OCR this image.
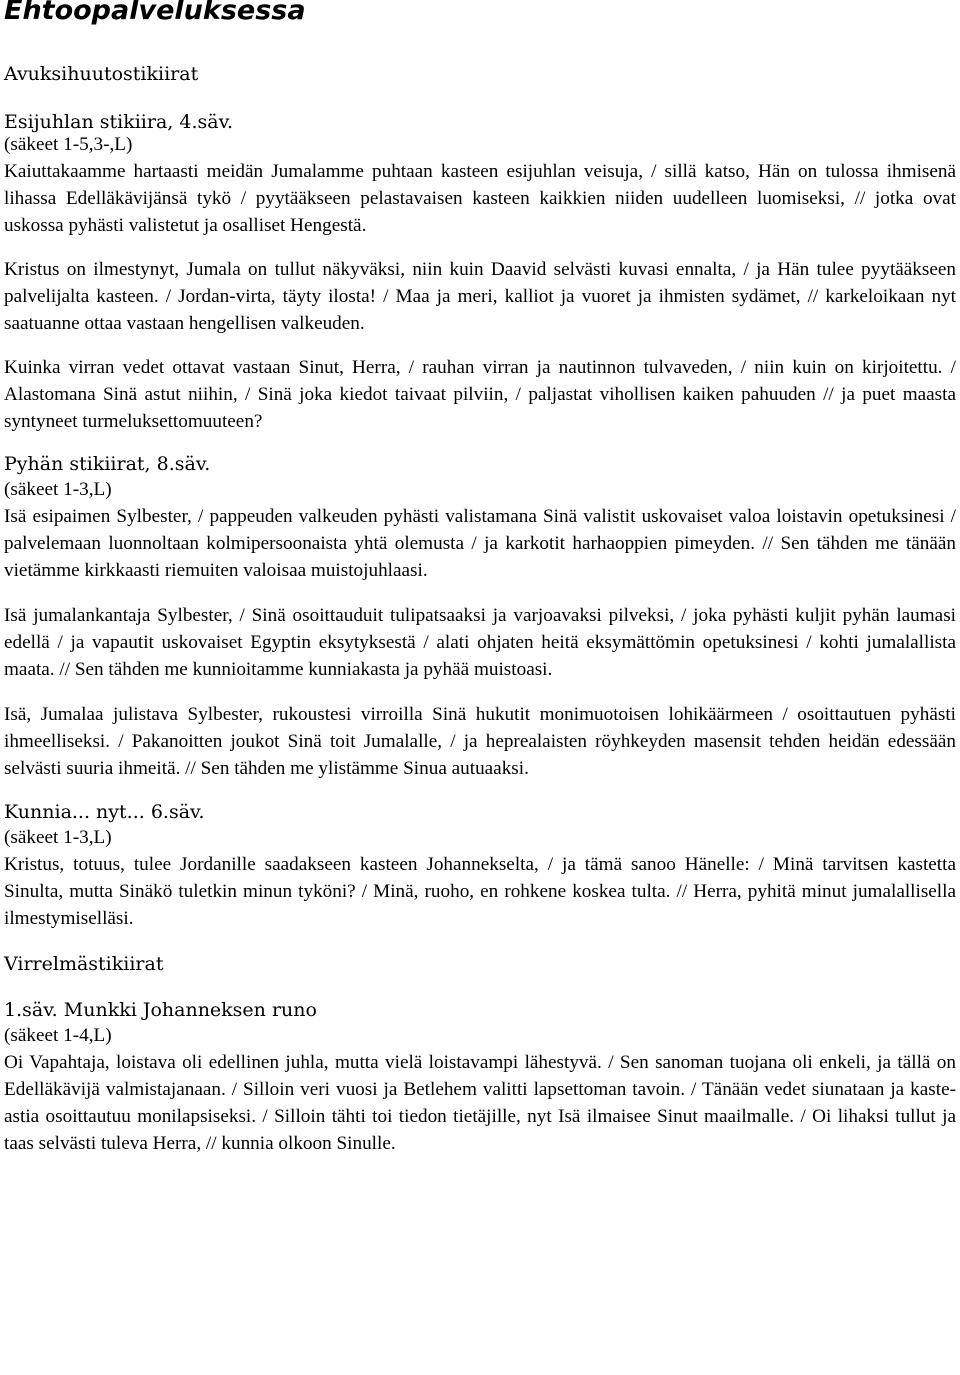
Ehtoopalveluksessa

Avuksihuutostikiirat

Esijuhlan stikiira, 4.säv.

(säkeet 1-5,3-,L)

Kaiuttakaamme hartaasti meidän Jumalamme puhtaan kasteen esijuhlan veisuja, / sillä katso, Hän on tulossa ihmisenä lihassa Edelläkävijänsä tykö / pyytääkseen pelastavaisen kasteen kaikkien niiden uudelleen luomiseksi, // jotka ovat uskossa pyhästi valistetut ja osalliset Hengestä.

Kristus on ilmestynyt, Jumala on tullut näkyväksi, niin kuin Daavid selvästi kuvasi ennalta, / ja Hän tulee pyytääkseen palvelijalta kasteen. / Jordan-virta, täyty ilosta! / Maa ja meri, kalliot ja vuoret ja ihmisten sydämet, // karkeloikaan nyt saatuanne ottaa vastaan hengellisen valkeuden.

Kuinka virran vedet ottavat vastaan Sinut, Herra, / rauhan virran ja nautinnon tulvaveden, / niin kuin on kirjoitettu. / Alastomana Sinä astut niihin, / Sinä joka kiedot taivaat pilviin, / paljastat vihollisen kaiken pahuuden // ja puet maasta syntyneet turmeluksettomuuteen?

Pyhän stikiirat, 8.säv.

(säkeet 1-3,L)

Isä esipaimen Sylbester, / pappeuden valkeuden pyhästi valistamana Sinä valistit uskovaiset valoa loistavin opetuksinesi / palvelemaan luonnoltaan kolmipersoonaista yhtä olemusta / ja karkotit harhaoppien pimeyden. // Sen tähden me tänään vietämme kirkkaasti riemuiten valoisaa muistojuhlaasi.

Isä jumalankantaja Sylbester, / Sinä osoittauduit tulipatsaaksi ja varjoavaksi pilveksi, / joka pyhästi kuljit pyhän laumasi edellä / ja vapautit uskovaiset Egyptin eksytyksestä / alati ohjaten heitä eksymättömin opetuksinesi / kohti jumalallista maata. // Sen tähden me kunnioitamme kunniakasta ja pyhää muistoasi.

Isä, Jumalaa julistava Sylbester, rukoustesi virroilla Sinä hukutit monimuotoisen lohikäärmeen / osoittautuen pyhästi ihmeelliseksi. / Pakanoitten joukot Sinä toit Jumalalle, / ja heprealaisten röyhkeyden masensit tehden heidän edessään selvästi suuria ihmeitä. // Sen tähden me ylistämme Sinua autuaaksi.

Kunnia... nyt... 6.säv.

(säkeet 1-3,L)

Kristus, totuus, tulee Jordanille saadakseen kasteen Johannekselta, / ja tämä sanoo Hänelle: / Minä tarvitsen kastetta Sinulta, mutta Sinäkö tuletkin minun tyköni? / Minä, ruoho, en rohkene koskea tulta. // Herra, pyhitä minut jumalallisella ilmestymiselläsi.

Virrelmästikiirat

1.säv. Munkki Johanneksen runo

(säkeet 1-4,L)

Oi Vapahtaja, loistava oli edellinen juhla, mutta vielä loistavampi lähestyvä. / Sen sanoman tuojana oli enkeli, ja tällä on Edelläkävijä valmistajanaan. / Silloin veri vuosi ja Betlehem valitti lapsettoman tavoin. / Tänään vedet siunataan ja kaste-astia osoittautuu monilapsiseksi. / Silloin tähti toi tiedon tietäjille, nyt Isä ilmaisee Sinut maailmalle. / Oi lihaksi tullut ja taas selvästi tuleva Herra, // kunnia olkoon Sinulle.
